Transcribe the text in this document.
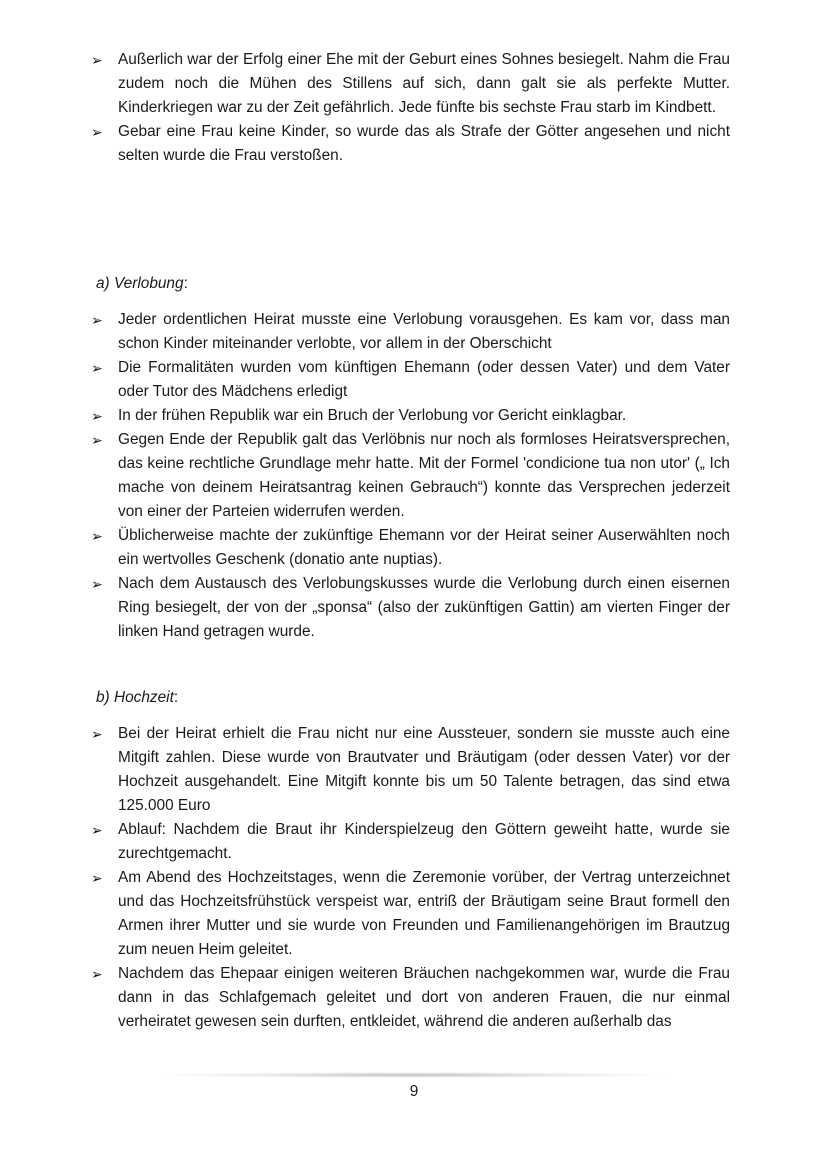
➢ Außerlich war der Erfolg einer Ehe mit der Geburt eines Sohnes besiegelt. Nahm die Frau zudem noch die Mühen des Stillens auf sich, dann galt sie als perfekte Mutter. Kinderkriegen war zu der Zeit gefährlich. Jede fünfte bis sechste Frau starb im Kindbett.
➢ Gebar eine Frau keine Kinder, so wurde das als Strafe der Götter angesehen und nicht selten wurde die Frau verstoßen.
a) Verlobung:
➢ Jeder ordentlichen Heirat musste eine Verlobung vorausgehen. Es kam vor, dass man schon Kinder miteinander verlobte, vor allem in der Oberschicht
➢ Die Formalitäten wurden vom künftigen Ehemann (oder dessen Vater) und dem Vater oder Tutor des Mädchens erledigt
➢ In der frühen Republik war ein Bruch der Verlobung vor Gericht einklagbar.
➢ Gegen Ende der Republik galt das Verlöbnis nur noch als formloses Heiratsversprechen, das keine rechtliche Grundlage mehr hatte. Mit der Formel 'condicione tua non utor' („ Ich mache von deinem Heiratsantrag keinen Gebrauch“) konnte das Versprechen jederzeit von einer der Parteien widerrufen werden.
➢ Üblicherweise machte der zukünftige Ehemann vor der Heirat seiner Auserwählten noch ein wertvolles Geschenk (donatio ante nuptias).
➢ Nach dem Austausch des Verlobungskusses wurde die Verlobung durch einen eisernen Ring besiegelt, der von der „sponsa“ (also der zukünftigen Gattin) am vierten Finger der linken Hand getragen wurde.
b) Hochzeit:
➢ Bei der Heirat erhielt die Frau nicht nur eine Aussteuer, sondern sie musste auch eine Mitgift zahlen. Diese wurde von Brautvater und Bräutigam (oder dessen Vater) vor der Hochzeit ausgehandelt. Eine Mitgift konnte bis um 50 Talente betragen, das sind etwa 125.000 Euro
➢ Ablauf: Nachdem die Braut ihr Kinderspielzeug den Göttern geweiht hatte, wurde sie zurechtgemacht.
➢ Am Abend des Hochzeitstages, wenn die Zeremonie vorüber, der Vertrag unterzeichnet und das Hochzeitsfrühstück verspeist war, entriß der Bräutigam seine Braut formell den Armen ihrer Mutter und sie wurde von Freunden und Familienangehörigen im Brautzug zum neuen Heim geleitet.
➢ Nachdem das Ehepaar einigen weiteren Bräuchen nachgekommen war, wurde die Frau dann in das Schlafgemach geleitet und dort von anderen Frauen, die nur einmal verheiratet gewesen sein durften, entkleidet, während die anderen außerhalb das
9
